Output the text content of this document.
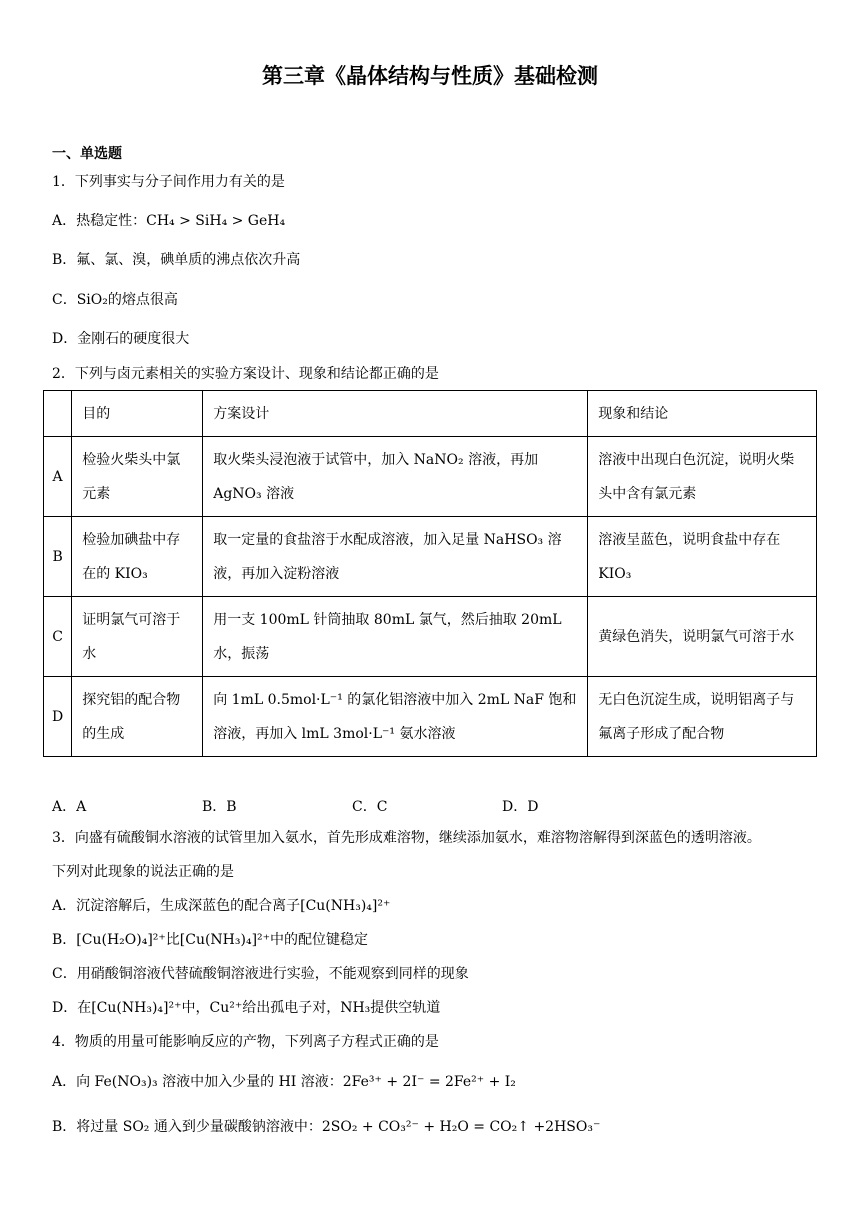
第三章《晶体结构与性质》基础检测
一、单选题
1．下列事实与分子间作用力有关的是
A．热稳定性：CH₄ > SiH₄ > GeH₄
B．氟、氯、溴，碘单质的沸点依次升高
C．SiO₂的熔点很高
D．金刚石的硬度很大
2．下列与卤元素相关的实验方案设计、现象和结论都正确的是
	目的	方案设计	现象和结论
A	检验火柴头中氯元素	取火柴头浸泡液于试管中，加入 NaNO₂ 溶液，再加 AgNO₃ 溶液	溶液中出现白色沉淀，说明火柴头中含有氯元素
B	检验加碘盐中存在的 KIO₃	取一定量的食盐溶于水配成溶液，加入足量 NaHSO₃ 溶液，再加入淀粉溶液	溶液呈蓝色，说明食盐中存在 KIO₃
C	证明氯气可溶于水	用一支 100mL 针筒抽取 80mL 氯气，然后抽取 20mL 水，振荡	黄绿色消失，说明氯气可溶于水
D	探究铝的配合物的生成	向 1mL 0.5mol·L⁻¹ 的氯化铝溶液中加入 2mL NaF 饱和溶液，再加入 lmL 3mol·L⁻¹ 氨水溶液	无白色沉淀生成，说明铝离子与氟离子形成了配合物
A．A	B．B	C．C	D．D
3．向盛有硫酸铜水溶液的试管里加入氨水，首先形成难溶物，继续添加氨水，难溶物溶解得到深蓝色的透明溶液。
下列对此现象的说法正确的是
A．沉淀溶解后，生成深蓝色的配合离子[Cu(NH₃)₄]²⁺
B．[Cu(H₂O)₄]²⁺比[Cu(NH₃)₄]²⁺中的配位键稳定
C．用硝酸铜溶液代替硫酸铜溶液进行实验，不能观察到同样的现象
D．在[Cu(NH₃)₄]²⁺中，Cu²⁺给出孤电子对，NH₃提供空轨道
4．物质的用量可能影响反应的产物，下列离子方程式正确的是
A．向 Fe(NO₃)₃ 溶液中加入少量的 HI 溶液：2Fe³⁺ + 2I⁻ = 2Fe²⁺ + I₂
B．将过量 SO₂ 通入到少量碳酸钠溶液中：2SO₂ + CO₃²⁻ + H₂O = CO₂↑ +2HSO₃⁻
